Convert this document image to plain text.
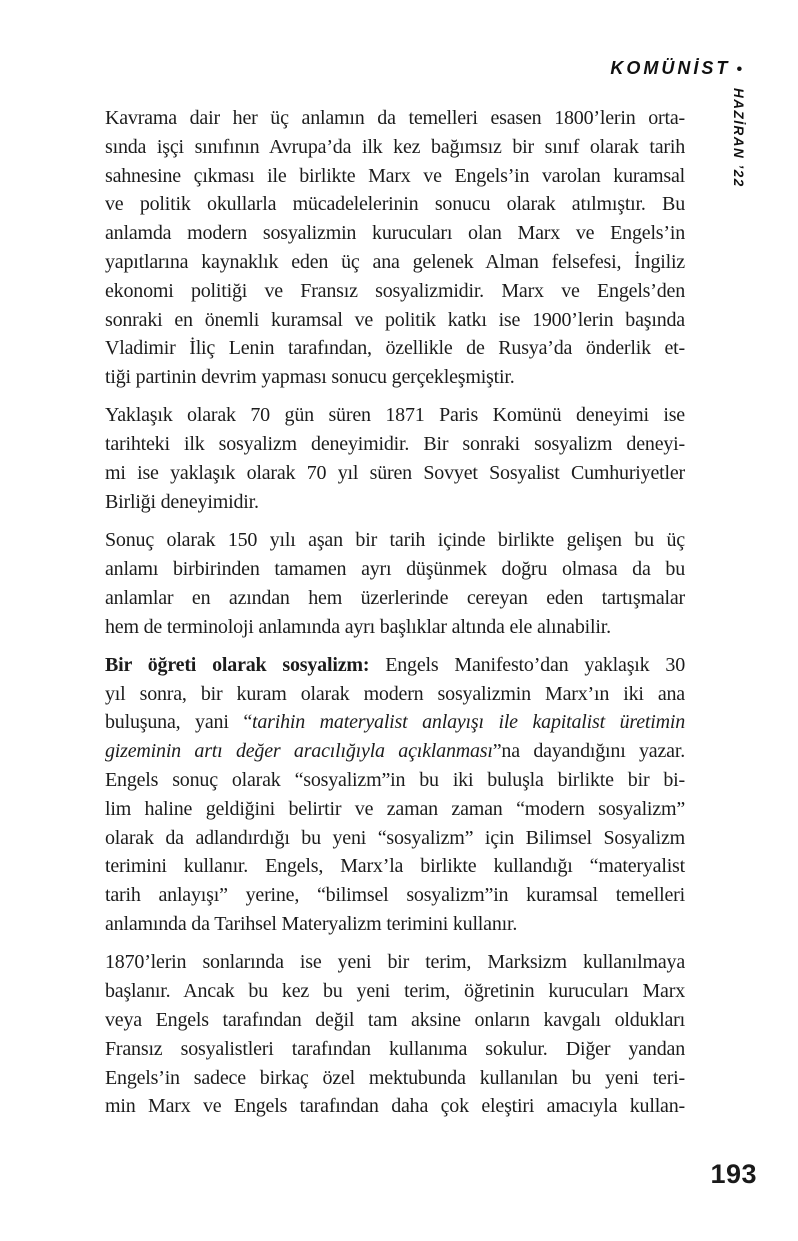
KOMÜNİST •
HAZİRAN ’22
Kavrama dair her üç anlamın da temelleri esasen 1800’lerin orta-
sında işçi sınıfının Avrupa’da ilk kez bağımsız bir sınıf olarak tarih
sahnesine çıkması ile birlikte Marx ve Engels’in varolan kuramsal
ve politik okullarla mücadelelerinin sonucu olarak atılmıştır. Bu
anlamda modern sosyalizmin kurucuları olan Marx ve Engels’in
yapıtlarına kaynaklık eden üç ana gelenek Alman felsefesi, İngiliz
ekonomi politiği ve Fransız sosyalizmidir. Marx ve Engels’den
sonraki en önemli kuramsal ve politik katkı ise 1900’lerin başında
Vladimir İliç Lenin tarafından, özellikle de Rusya’da önderlik et-
tiği partinin devrim yapması sonucu gerçekleşmiştir.
Yaklaşık olarak 70 gün süren 1871 Paris Komünü deneyimi ise
tarihteki ilk sosyalizm deneyimidir. Bir sonraki sosyalizm deneyi-
mi ise yaklaşık olarak 70 yıl süren Sovyet Sosyalist Cumhuriyetler
Birliği deneyimidir.
Sonuç olarak 150 yılı aşan bir tarih içinde birlikte gelişen bu üç
anlamı birbirinden tamamen ayrı düşünmek doğru olmasa da bu
anlamlar en azından hem üzerlerinde cereyan eden tartışmalar
hem de terminoloji anlamında ayrı başlıklar altında ele alınabilir.
Bir öğreti olarak sosyalizm: Engels Manifesto’dan yaklaşık 30
yıl sonra, bir kuram olarak modern sosyalizmin Marx’ın iki ana
buluşuna, yani “tarihin materyalist anlayışı ile kapitalist üretimin
gizeminin artı değer aracılığıyla açıklanması”na dayandığını yazar.
Engels sonuç olarak “sosyalizm”in bu iki buluşla birlikte bir bi-
lim haline geldiğini belirtir ve zaman zaman “modern sosyalizm”
olarak da adlandırdığı bu yeni “sosyalizm” için Bilimsel Sosyalizm
terimini kullanır. Engels, Marx’la birlikte kullandığı “materyalist
tarih anlayışı” yerine, “bilimsel sosyalizm”in kuramsal temelleri
anlamında da Tarihsel Materyalizm terimini kullanır.
1870’lerin sonlarında ise yeni bir terim, Marksizm kullanılmaya
başlanır. Ancak bu kez bu yeni terim, öğretinin kurucuları Marx
veya Engels tarafından değil tam aksine onların kavgalı oldukları
Fransız sosyalistleri tarafından kullanıma sokulur. Diğer yandan
Engels’in sadece birkaç özel mektubunda kullanılan bu yeni teri-
min Marx ve Engels tarafından daha çok eleştiri amacıyla kullan-
193
